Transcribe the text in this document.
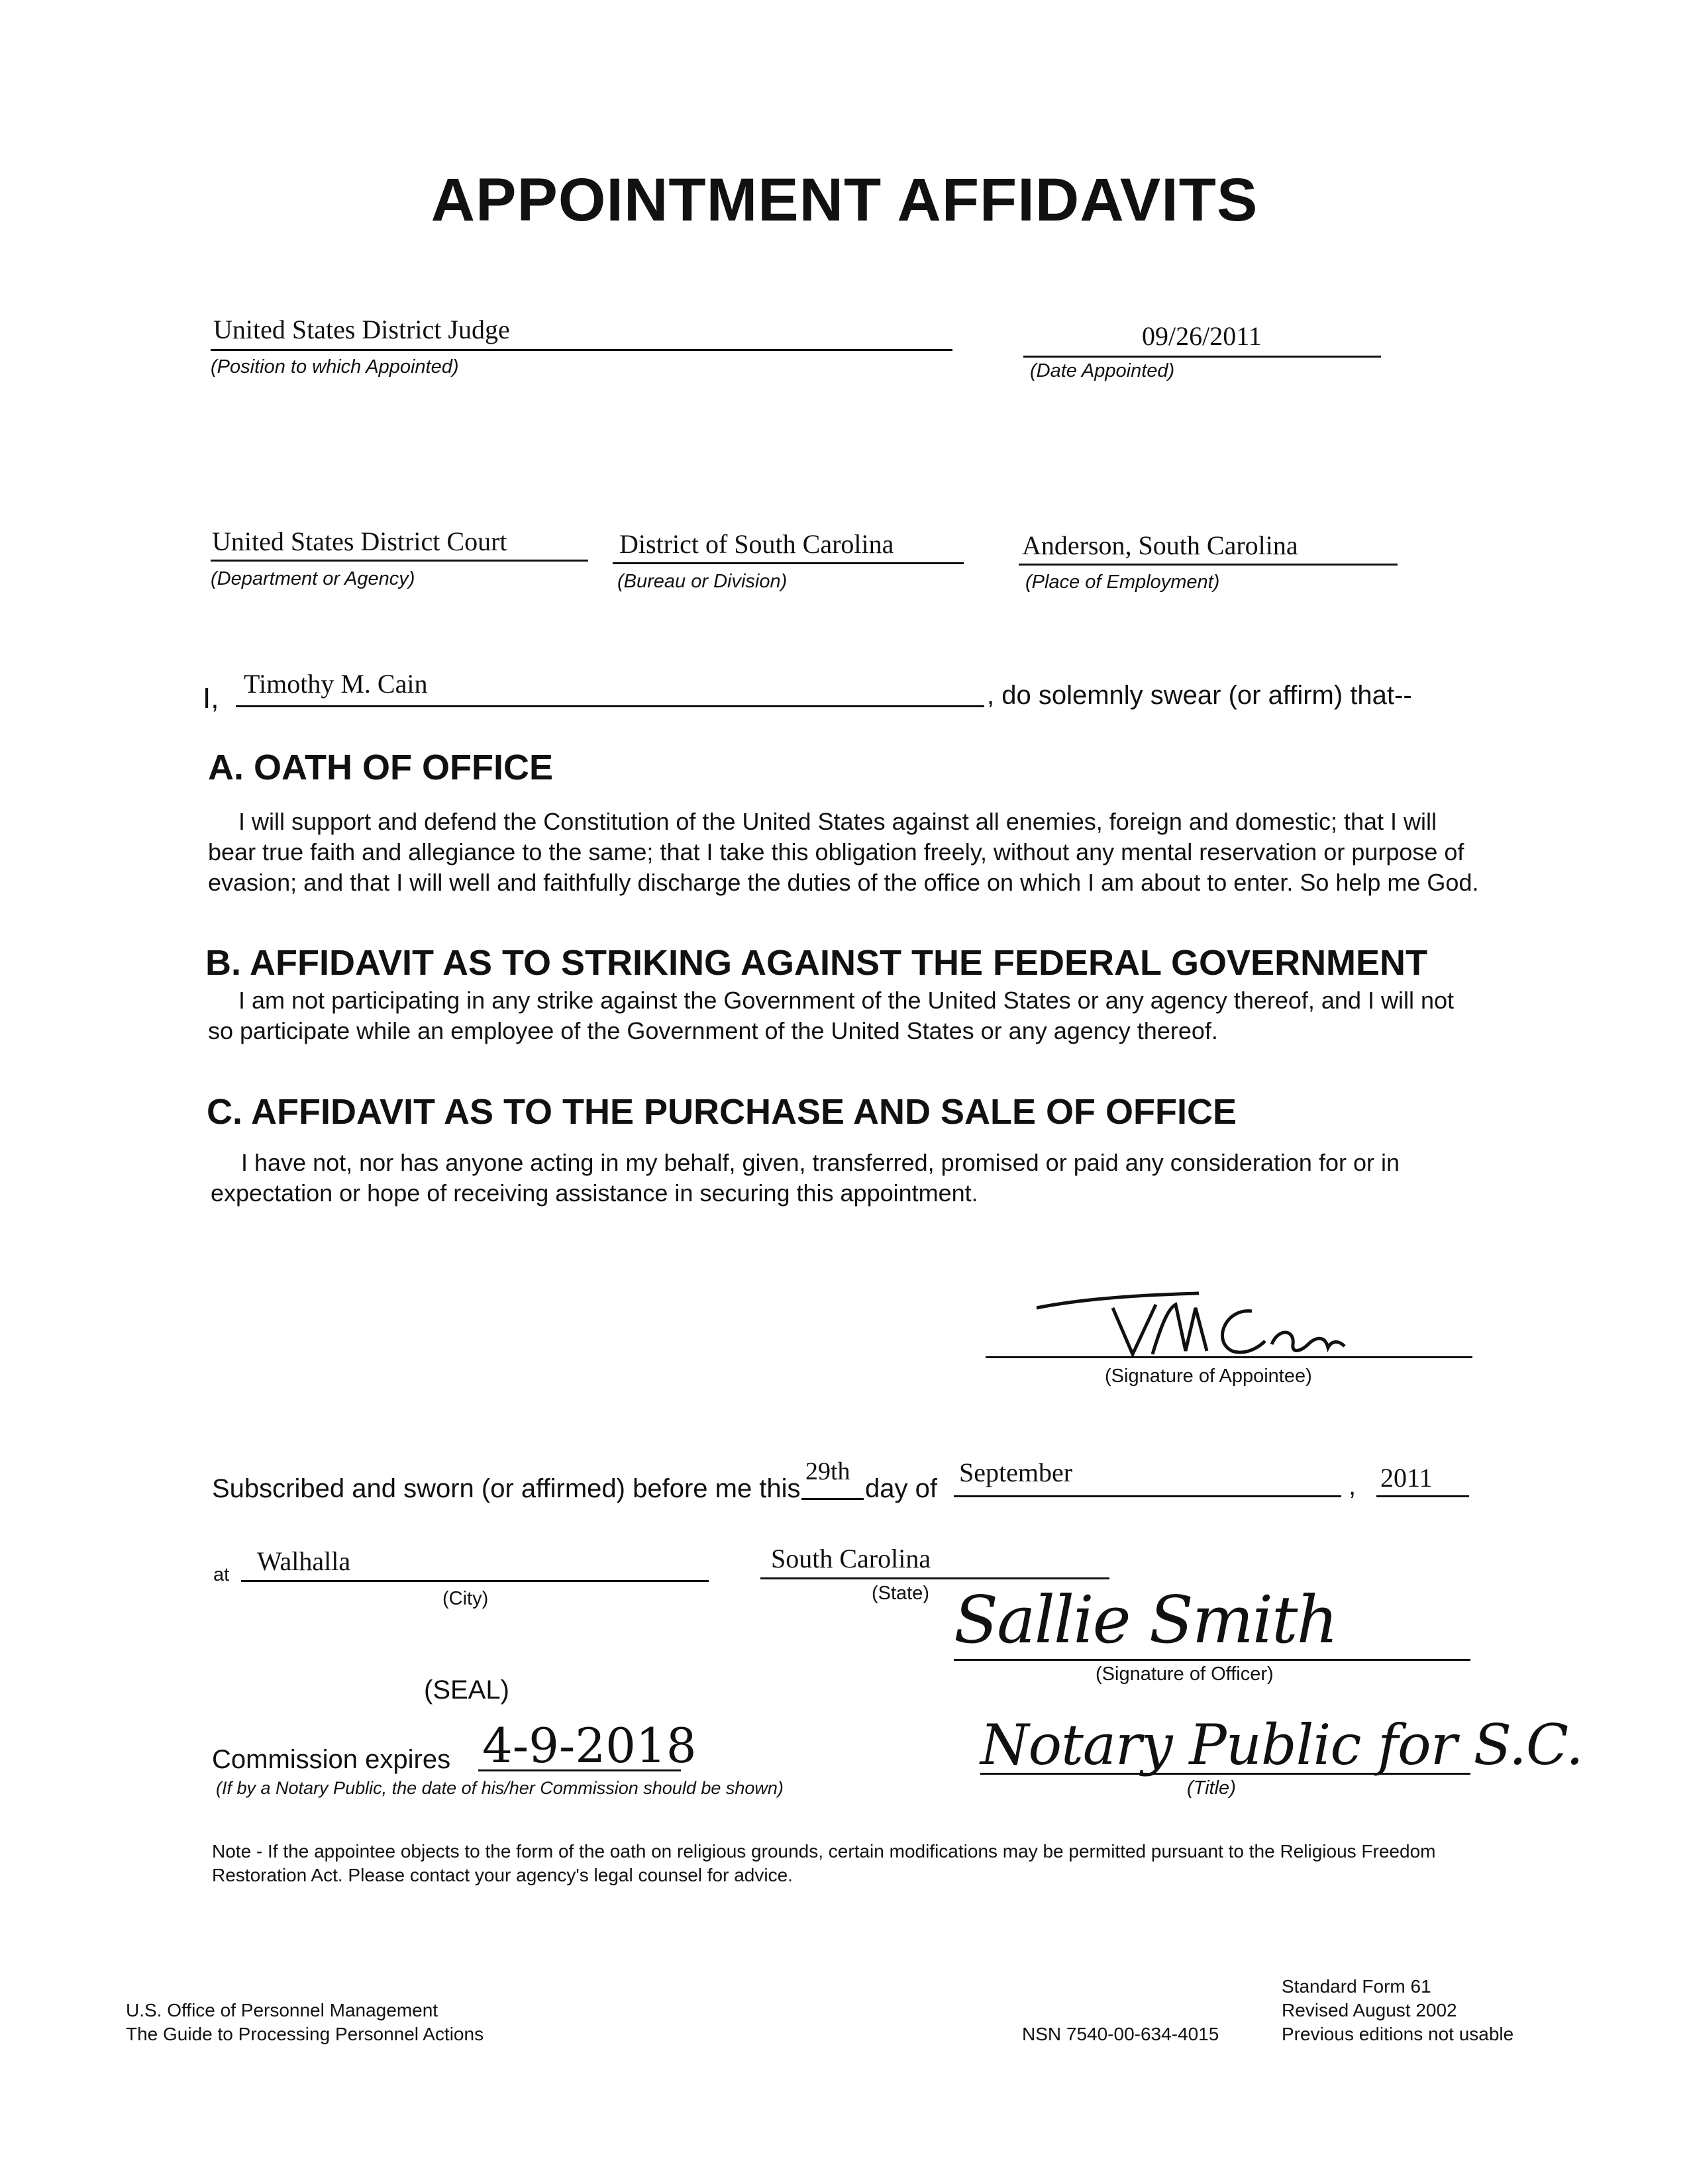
APPOINTMENT AFFIDAVITS
United States District Judge
(Position to which Appointed)
09/26/2011
(Date Appointed)
United States District Court
(Department or Agency)
District of South Carolina
(Bureau or Division)
Anderson, South Carolina
(Place of Employment)
I, Timothy M. Cain	, do solemnly swear (or affirm) that--
A. OATH OF OFFICE
I will support and defend the Constitution of the United States against all enemies, foreign and domestic; that I will bear true faith and allegiance to the same; that I take this obligation freely, without any mental reservation or purpose of evasion; and that I will well and faithfully discharge the duties of the office on which I am about to enter. So help me God.
B. AFFIDAVIT AS TO STRIKING AGAINST THE FEDERAL GOVERNMENT
I am not participating in any strike against the Government of the United States or any agency thereof, and I will not so participate while an employee of the Government of the United States or any agency thereof.
C. AFFIDAVIT AS TO THE PURCHASE AND SALE OF OFFICE
I have not, nor has anyone acting in my behalf, given, transferred, promised or paid any consideration for or in expectation or hope of receiving assistance in securing this appointment.
(Signature of Appointee)
Subscribed and sworn (or affirmed) before me this
29th
day of
September	, 2011
at Walhalla
(City)
South Carolina
(State) Sallie Smith
(Signature of Officer)
(SEAL)
Commission expires 4-9-2018
(If by a Notary Public, the date of his/her Commission should be shown)
Notary Public for S.C.
(Title)
Note - If the appointee objects to the form of the oath on religious grounds, certain modifications may be permitted pursuant to the Religious Freedom Restoration Act. Please contact your agency's legal counsel for advice.
U.S. Office of Personnel Management
The Guide to Processing Personnel Actions	NSN 7540-00-634-4015
Standard Form 61
Revised August 2002
Previous editions not usable
